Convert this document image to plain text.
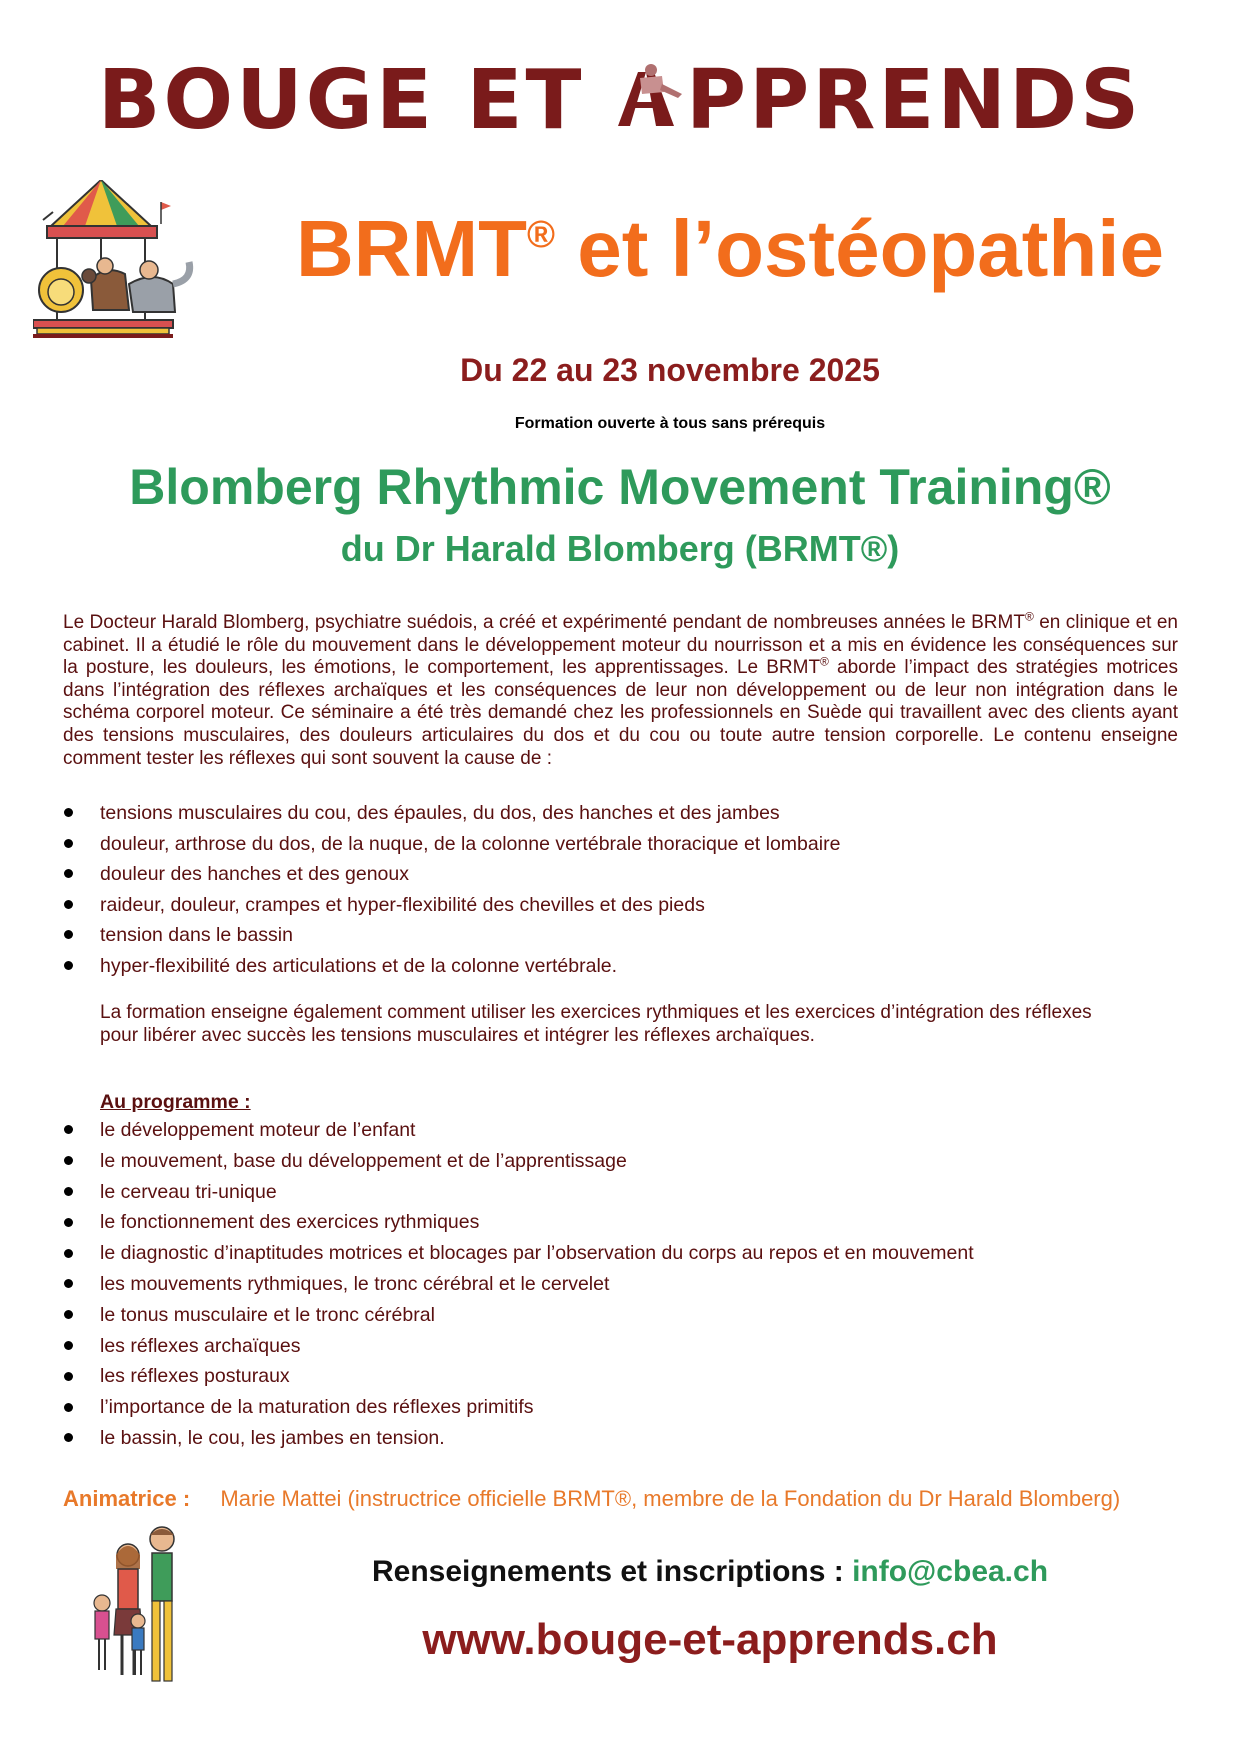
BOUGE ET PPRENDS
BRMT® et l’ostéopathie
Du 22 au 23 novembre 2025
Formation ouverte à tous sans prérequis
Blomberg Rhythmic Movement Training®
du Dr Harald Blomberg (BRMT®)
Le Docteur Harald Blomberg, psychiatre suédois, a créé et expérimenté pendant de nombreuses années le BRMT® en clinique et en cabinet. Il a étudié le rôle du mouvement dans le développement moteur du nourrisson et a mis en évidence les conséquences sur la posture, les douleurs, les émotions, le comportement, les apprentissages. Le BRMT® aborde l’impact des stratégies motrices dans l’intégration des réflexes archaïques et les conséquences de leur non développement ou de leur non intégration dans le schéma corporel moteur. Ce séminaire a été très demandé chez les professionnels en Suède qui travaillent avec des clients ayant des tensions musculaires, des douleurs articulaires du dos et du cou ou toute autre tension corporelle. Le contenu enseigne comment tester les réflexes qui sont souvent la cause de :
tensions musculaires du cou, des épaules, du dos, des hanches et des jambes
douleur, arthrose du dos, de la nuque, de la colonne vertébrale thoracique et lombaire
douleur des hanches et des genoux
raideur, douleur, crampes et hyper-flexibilité des chevilles et des pieds
tension dans le bassin
hyper-flexibilité des articulations et de la colonne vertébrale.
La formation enseigne également comment utiliser les exercices rythmiques et les exercices d’intégration des réflexes pour libérer avec succès les tensions musculaires et intégrer les réflexes archaïques.
Au programme :
le développement moteur de l’enfant
le mouvement, base du développement et de l’apprentissage
le cerveau tri-unique
le fonctionnement des exercices rythmiques
le diagnostic d’inaptitudes motrices et blocages par l’observation du corps au repos et en mouvement
les mouvements rythmiques, le tronc cérébral et le cervelet
le tonus musculaire et le tronc cérébral
les réflexes archaïques
les réflexes posturaux
l’importance de la maturation des réflexes primitifs
le bassin, le cou, les jambes en tension.
Animatrice : Marie Mattei (instructrice officielle BRMT®, membre de la Fondation du Dr Harald Blomberg)
Renseignements et inscriptions : info@cbea.ch
www.bouge-et-apprends.ch
